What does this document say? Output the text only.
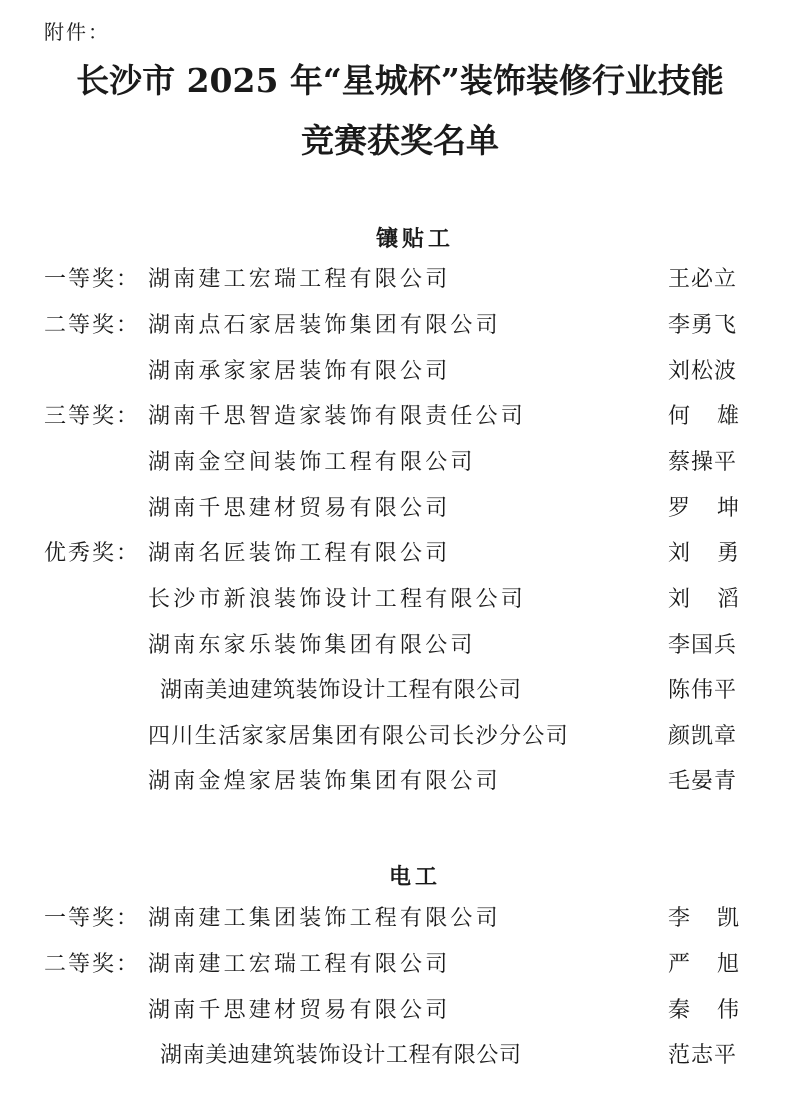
附件：
长沙市 2025 年“星城杯”装饰装修行业技能
竞赛获奖名单
镶贴工
一等奖： 湖南建工宏瑞工程有限公司	王必立
二等奖： 湖南点石家居装饰集团有限公司	李勇飞
湖南承家家居装饰有限公司	刘松波
三等奖： 湖南千思智造家装饰有限责任公司	何雄
湖南金空间装饰工程有限公司	蔡操平
湖南千思建材贸易有限公司	罗坤
优秀奖： 湖南名匠装饰工程有限公司	刘勇
长沙市新浪装饰设计工程有限公司	刘滔
湖南东家乐装饰集团有限公司	李国兵
湖南美迪建筑装饰设计工程有限公司	陈伟平
四川生活家家居集团有限公司长沙分公司	颜凯章
湖南金煌家居装饰集团有限公司	毛晏青
电工
一等奖： 湖南建工集团装饰工程有限公司	李凯
二等奖： 湖南建工宏瑞工程有限公司	严旭
湖南千思建材贸易有限公司	秦伟
湖南美迪建筑装饰设计工程有限公司	范志平
